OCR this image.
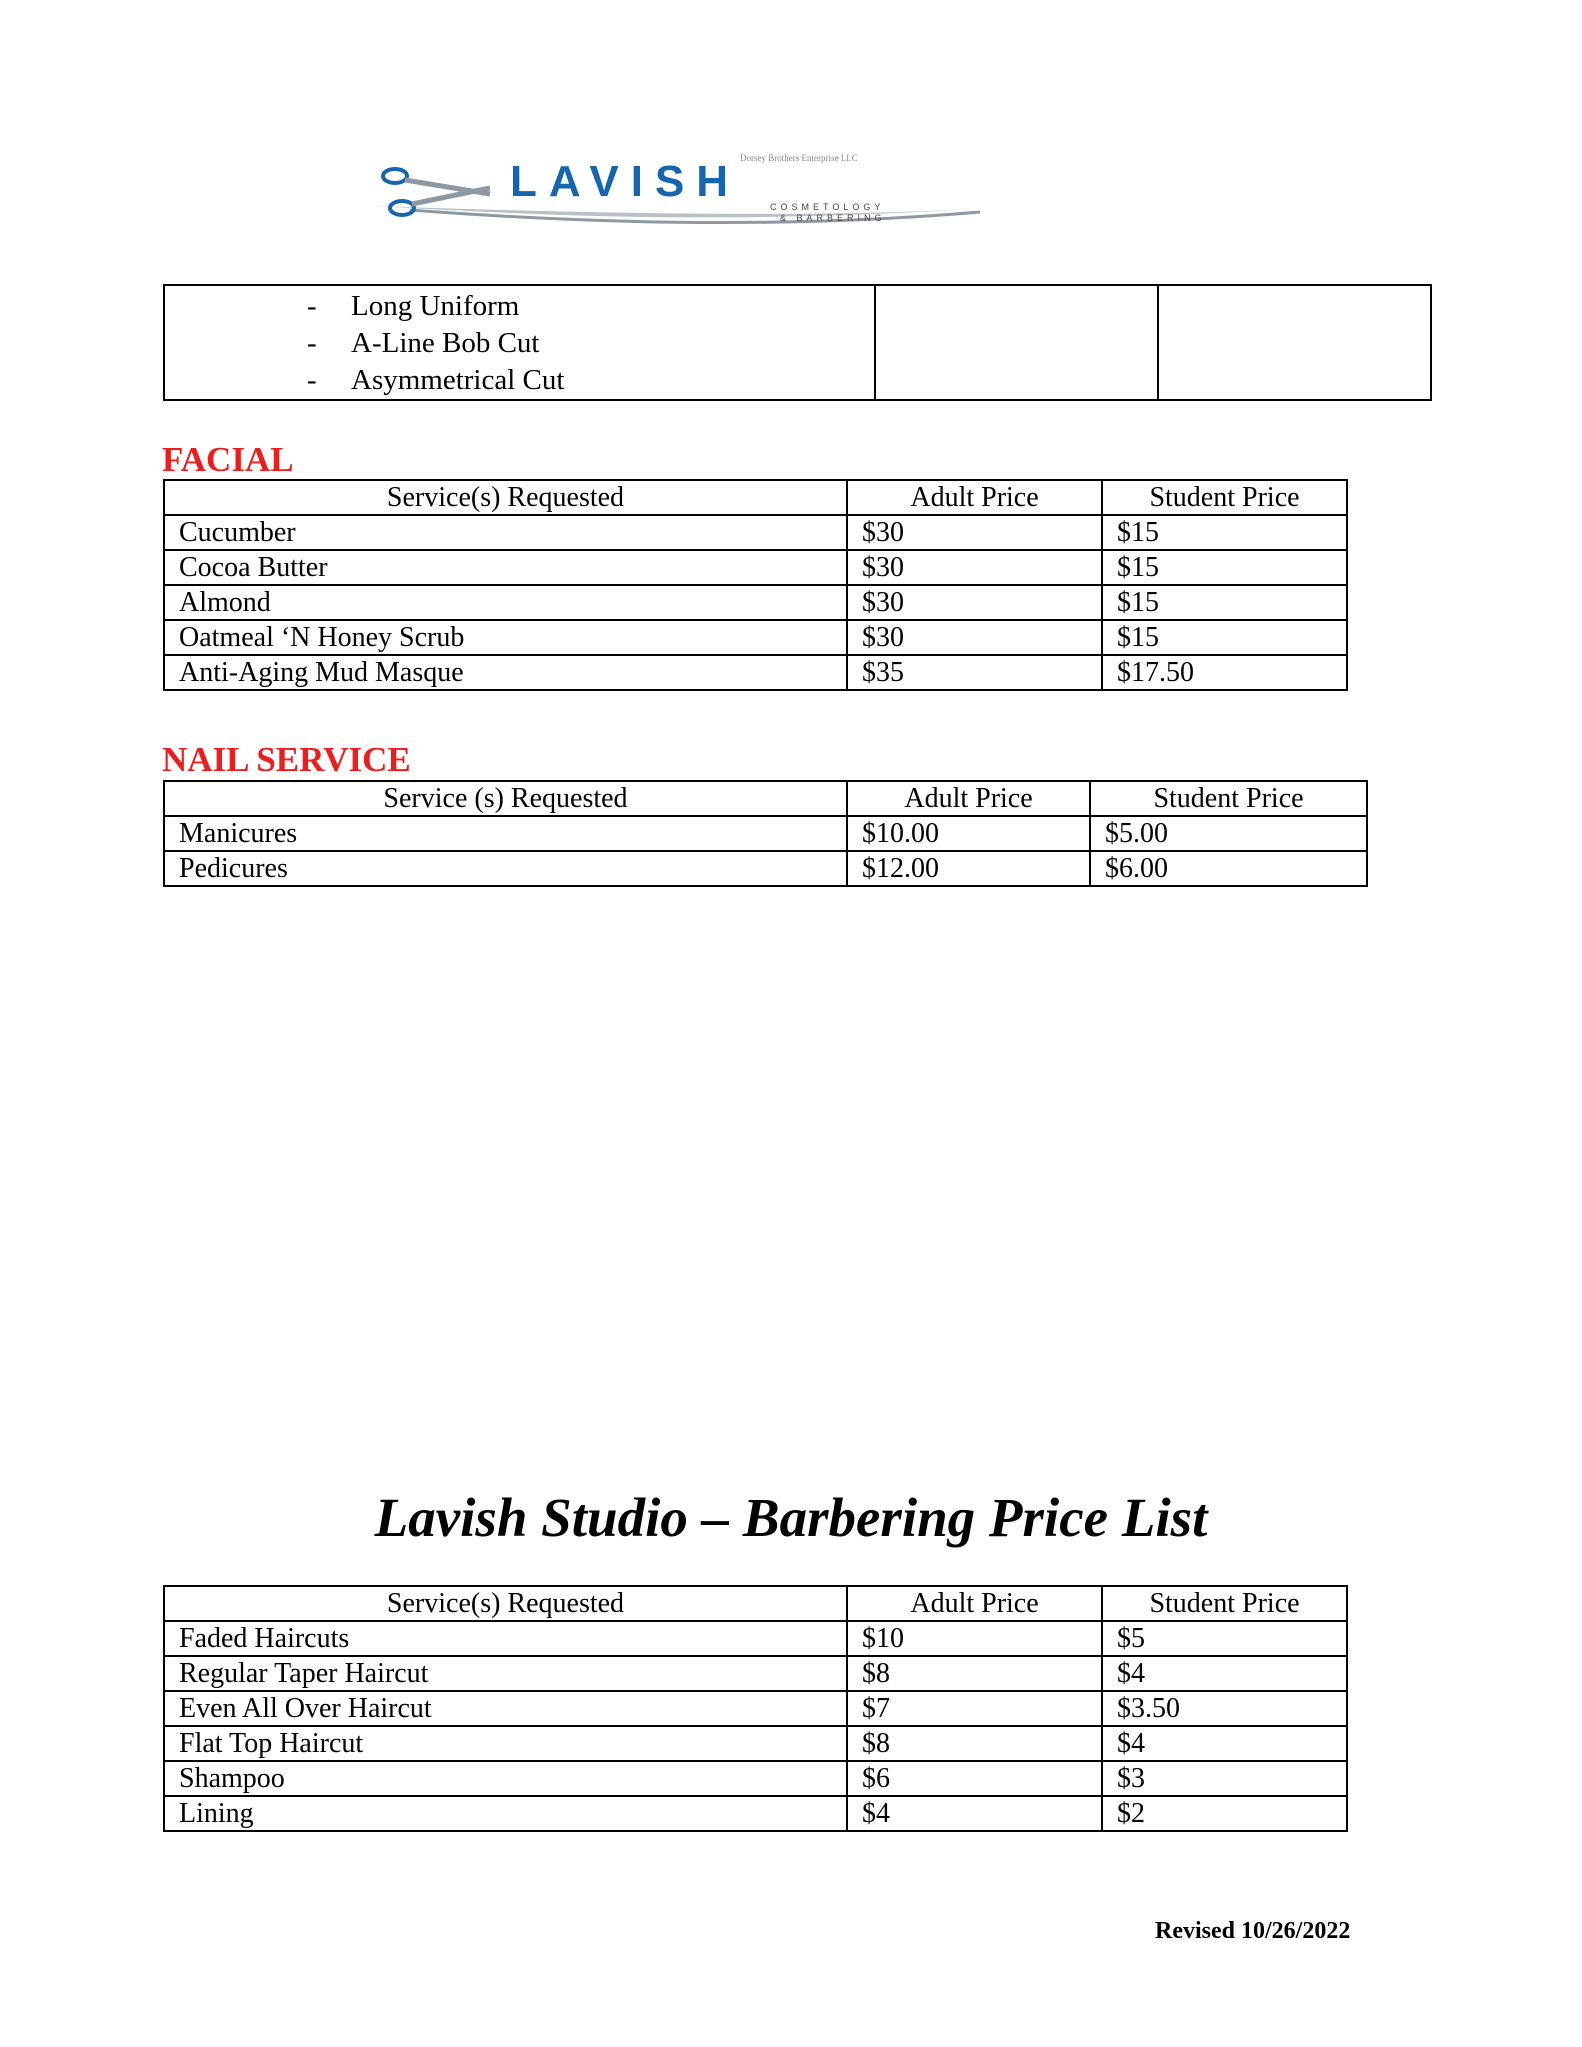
Dorsey Brothers Enterprise LLC
LAVISH
COSMETOLOGY
& BARBERING
- Long Uniform
- A-Line Bob Cut
- Asymmetrical Cut

FACIAL
Service(s) Requested	Adult Price	Student Price
Cucumber	$30	$15
Cocoa Butter	$30	$15
Almond	$30	$15
Oatmeal ‘N Honey Scrub	$30	$15
Anti-Aging Mud Masque	$35	$17.50
NAIL SERVICE
Service (s) Requested	Adult Price	Student Price
Manicures	$10.00	$5.00
Pedicures	$12.00	$6.00
Lavish Studio – Barbering Price List
Service(s) Requested	Adult Price	Student Price
Faded Haircuts	$10	$5
Regular Taper Haircut	$8	$4
Even All Over Haircut	$7	$3.50
Flat Top Haircut	$8	$4
Shampoo	$6	$3
Lining	$4	$2

Revised 10/26/2022
